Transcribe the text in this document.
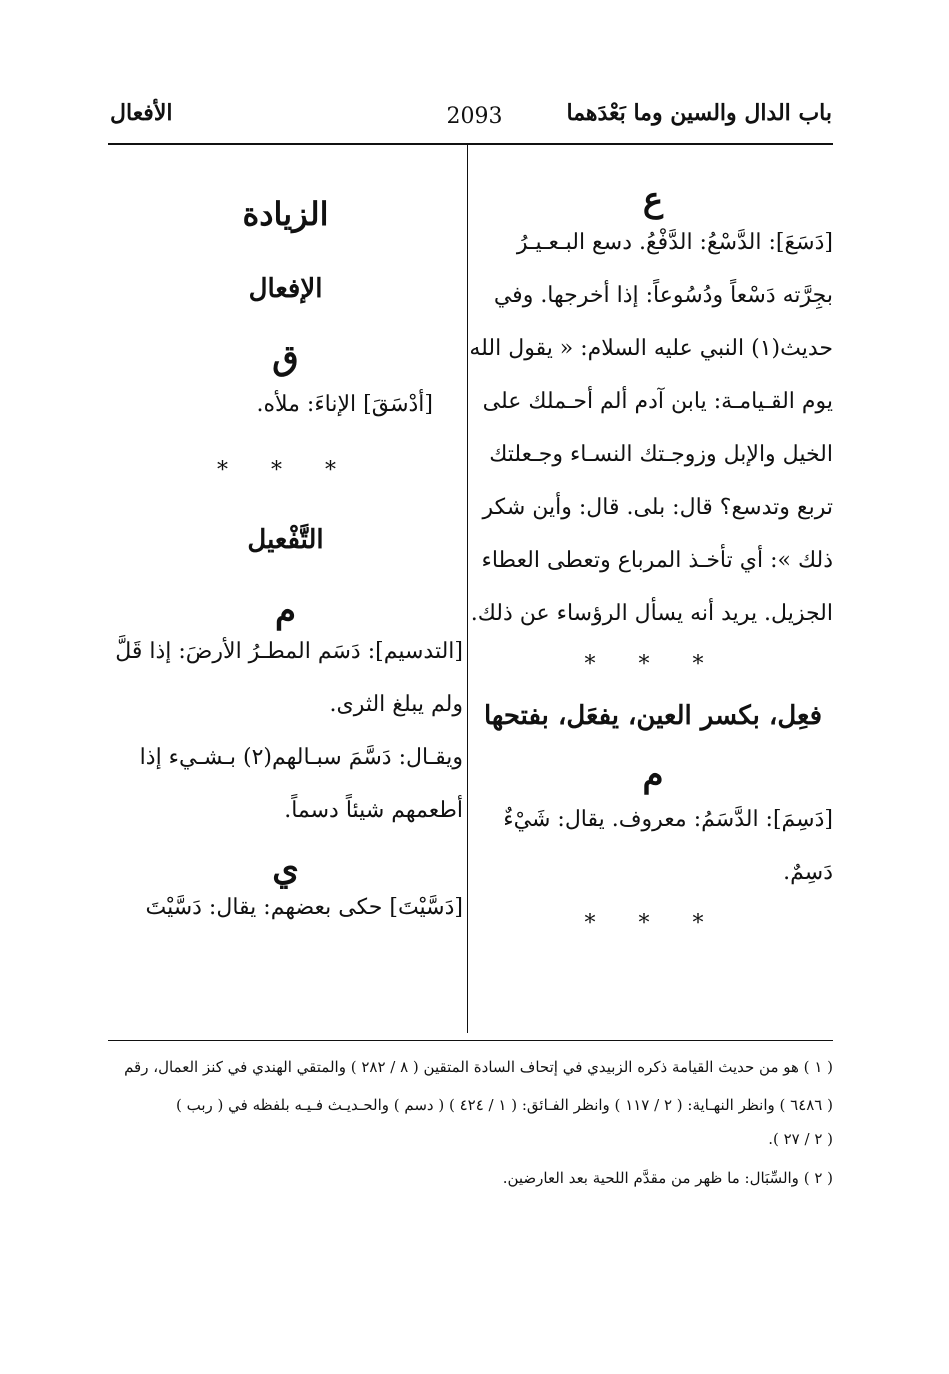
باب الدال والسين وما بَعْدَهما
2093
الأفعال

ع

[دَسَعَ]: الدَّسْعُ: الدَّفْعُ. دسع البـعـيـرُ

بجِرَّته دَسْعاً ودُسُوعاً: إذا أخرجها. وفي

حديث(١) النبي عليه السلام: « يقول الله

يوم القـيامـة: يابن آدم ألم أحـملك على

الخيل والإبل وزوجـتك النسـاء وجـعلتك

تربع وتدسع؟ قال: بلى. قال: وأين شكر

ذلك »: أي تأخـذ المرباع وتعطى العطاء

الجزيل. يريد أنه يسأل الرؤساء عن ذلك.

* * *

فعِل، بكسر العين، يفعَل، بفتحها

م

[دَسِمَ]: الدَّسَمُ: معروف. يقال: شَيْءٌ

دَسِمٌ.

* * *

الزيادة

الإفعال

ق

[أدْسَقَ] الإناءَ: ملأه.

* * *

التَّفْعيل

م

[التدسيم]: دَسَم المطـرُ الأرضَ: إذا قَلَّ

ولم يبلغ الثرى.

ويقـال: دَسَّمَ سبـالهم(٢) بـشـيء إذا

أطعمهم شيئاً دسماً.

ي

[دَسَّيْتَ] حكى بعضهم: يقال: دَسَّيْتَ

( ١ ) هو من حديث القيامة ذكره الزبيدي في إتحاف السادة المتقين ( ٨ / ٢٨٢ ) والمتقي الهندي في كنز العمال، رقم
( ٦٤٨٦ ) وانظر النهـاية: ( ٢ / ١١٧ ) وانظر الفـائق: ( ١ / ٤٢٤ ) ( دسم ) والحـديـث فـيـه بلفظه في ( ربب )
( ٢ / ٢٧ ).
( ٢ ) والسِّبَال: ما ظهر من مقدَّم اللحية بعد العارضين.
